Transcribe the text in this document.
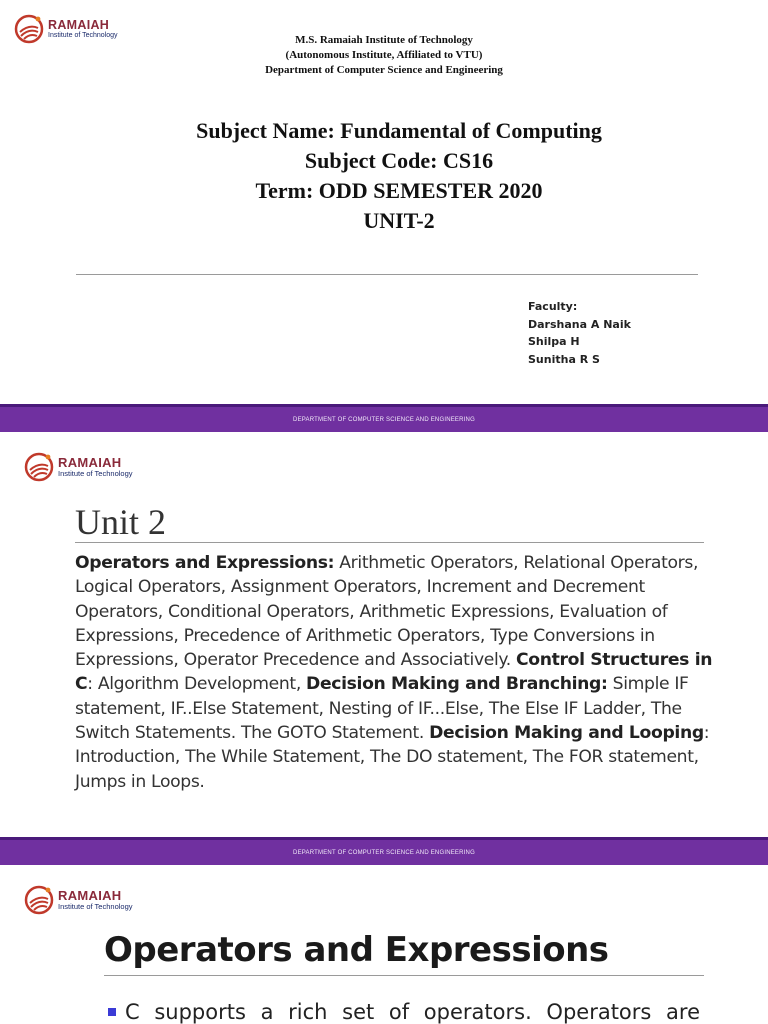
RAMAIAH
Institute of Technology	M.S. Ramaiah Institute of Technology
(Autonomous Institute, Affiliated to VTU)
Department of Computer Science and Engineering
Subject Name: Fundamental of Computing
Subject Code: CS16
Term: ODD SEMESTER 2020
UNIT-2
Faculty:
Darshana A Naik
Shilpa H
Sunitha R S
DEPARTMENT OF COMPUTER SCIENCE AND ENGINEERING
RAMAIAH
Institute of Technology
Unit 2
Operators and Expressions: Arithmetic Operators, Relational Operators, Logical Operators, Assignment Operators, Increment and Decrement Operators, Conditional Operators, Arithmetic Expressions, Evaluation of Expressions, Precedence of Arithmetic Operators, Type Conversions in Expressions, Operator Precedence and Associatively. Control Structures in C: Algorithm Development, Decision Making and Branching: Simple IF statement, IF..Else Statement, Nesting of IF...Else, The Else IF Ladder, The Switch Statements. The GOTO Statement. Decision Making and Looping: Introduction, The While Statement, The DO statement, The FOR statement, Jumps in Loops.
DEPARTMENT OF COMPUTER SCIENCE AND ENGINEERING
RAMAIAH
Institute of Technology
Operators and Expressions
C supports a rich set of operators. Operators are
